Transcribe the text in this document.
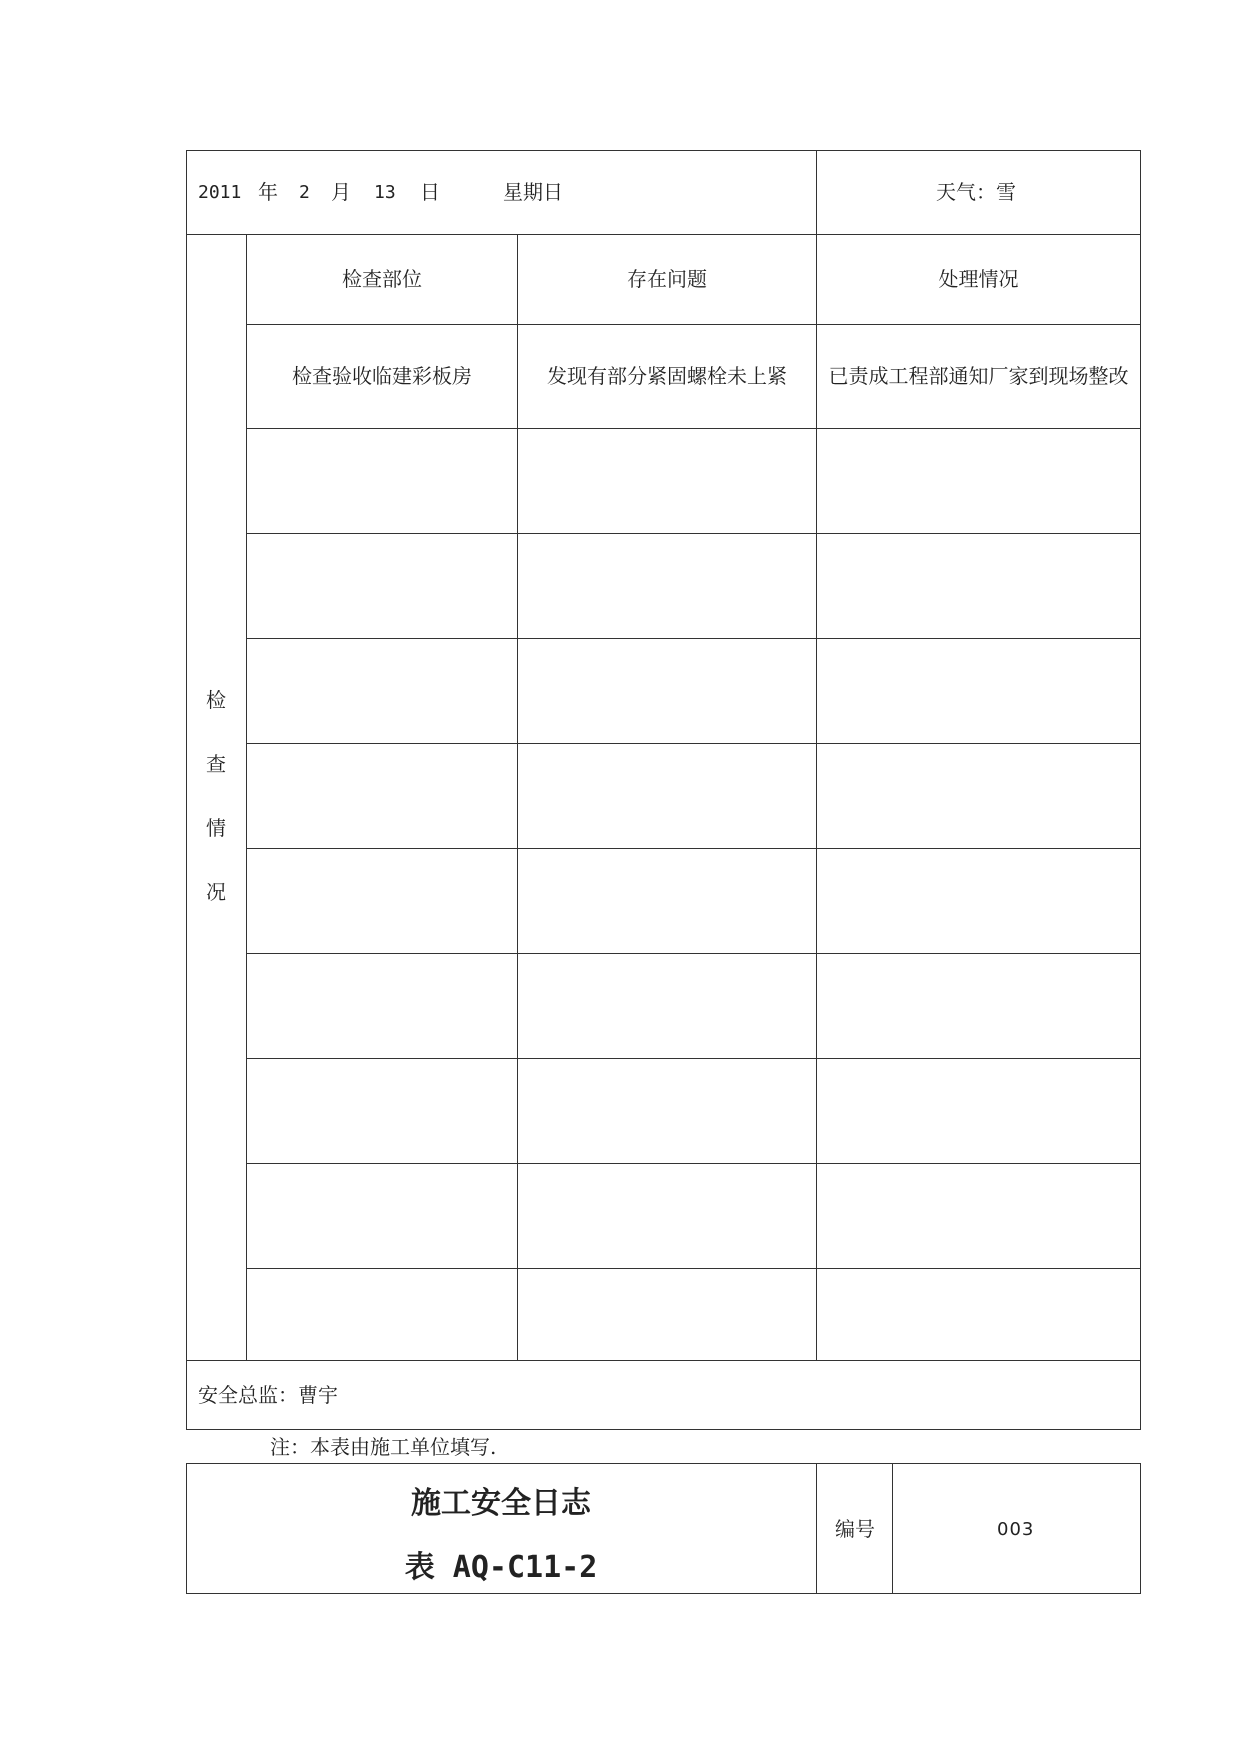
2011 年 2 月 13 日	星期日	天气：雪
检
查
情
况
检查部位	存在问题	处理情况
检查验收临建彩板房	发现有部分紧固螺栓未上紧	已责成工程部通知厂家到现场整改
安全总监：曹宇
注：本表由施工单位填写.
施工安全日志
表 AQ-C11-2
编号	003
